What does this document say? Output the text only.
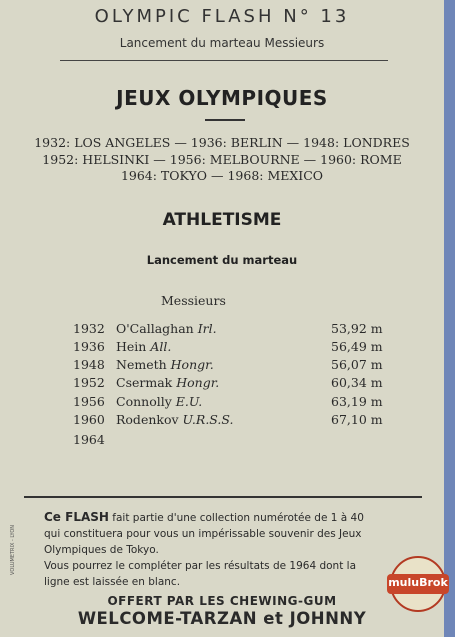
OLYMPIC FLASH N° 13
Lancement du marteau Messieurs
JEUX OLYMPIQUES
1932: LOS ANGELES — 1936: BERLIN — 1948: LONDRES
1952: HELSINKI — 1956: MELBOURNE — 1960: ROME
1964: TOKYO — 1968: MEXICO
ATHLETISME
Lancement du marteau
Messieurs
1932 O'Callaghan Irl.	53,92 m
1936 Hein All.	56,49 m
1948 Nemeth Hongr.	56,07 m
1952 Csermak Hongr.	60,34 m
1956 Connolly E.U.	63,19 m
1960 Rodenkov U.R.S.S.	67,10 m
1964
VOLUMETRIX - LYON
Ce FLASH fait partie d'une collection numérotée de 1 à 40
qui constituera pour vous un impérissable souvenir des Jeux
Olympiques de Tokyo.
Vous pourrez le compléter par les résultats de 1964 dont la
ligne est laissée en blanc.
OFFERT PAR LES CHEWING-GUM
WELCOME-TARZAN et JOHNNY
muluBrok
